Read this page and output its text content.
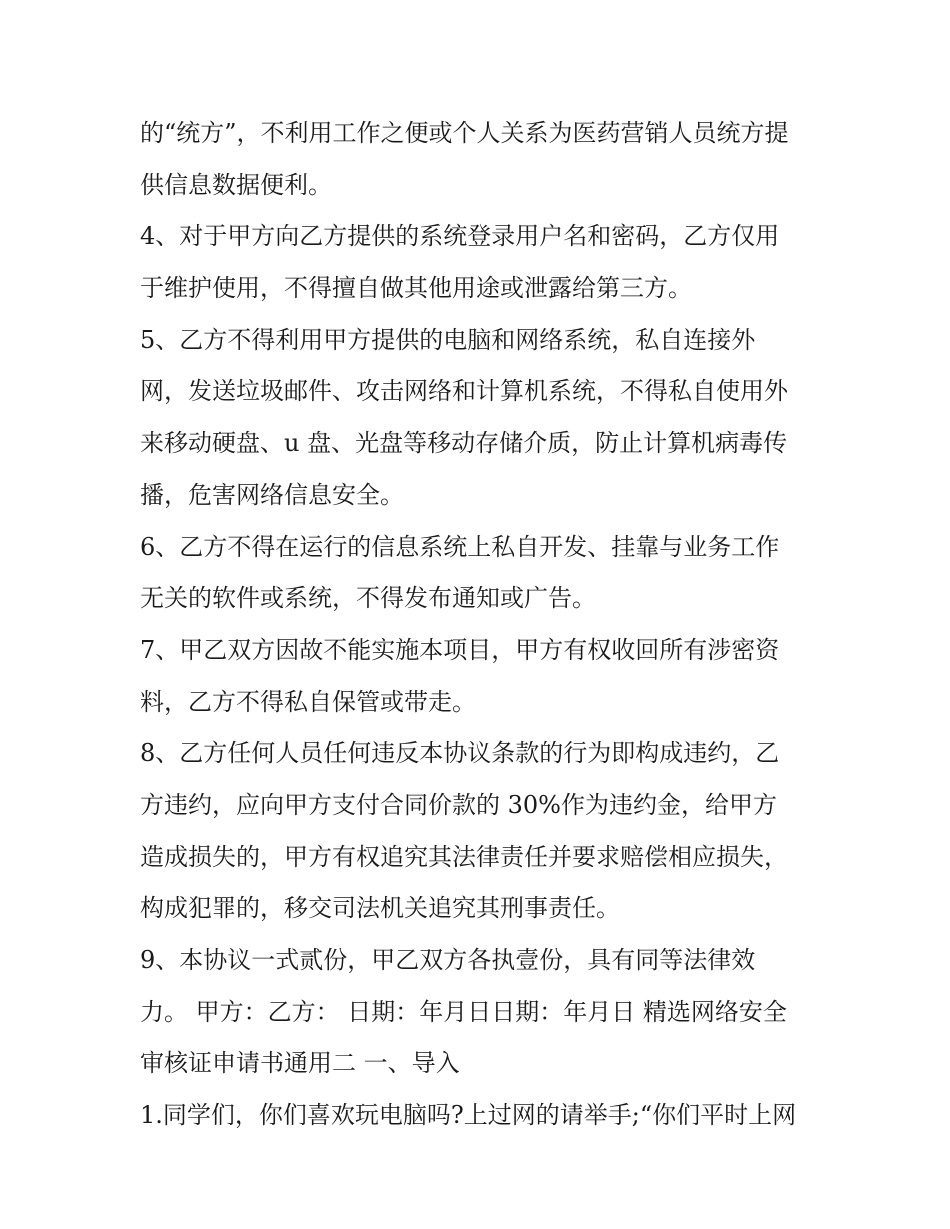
的“统方”，不利用工作之便或个人关系为医药营销人员统方提
供信息数据便利。
4、对于甲方向乙方提供的系统登录用户名和密码，乙方仅用
于维护使用，不得擅自做其他用途或泄露给第三方。
5、乙方不得利用甲方提供的电脑和网络系统，私自连接外
网，发送垃圾邮件、攻击网络和计算机系统，不得私自使用外
来移动硬盘、u 盘、光盘等移动存储介质，防止计算机病毒传
播，危害网络信息安全。
6、乙方不得在运行的信息系统上私自开发、挂靠与业务工作
无关的软件或系统，不得发布通知或广告。
7、甲乙双方因故不能实施本项目，甲方有权收回所有涉密资
料，乙方不得私自保管或带走。
8、乙方任何人员任何违反本协议条款的行为即构成违约，乙
方违约，应向甲方支付合同价款的 30%作为违约金，给甲方
造成损失的，甲方有权追究其法律责任并要求赔偿相应损失，
构成犯罪的，移交司法机关追究其刑事责任。
9、本协议一式贰份，甲乙双方各执壹份，具有同等法律效
力。 甲方：乙方： 日期：年月日日期：年月日 精选网络安全
审核证申请书通用二 一、导入
1.同学们，你们喜欢玩电脑吗?上过网的请举手;“你们平时上网
